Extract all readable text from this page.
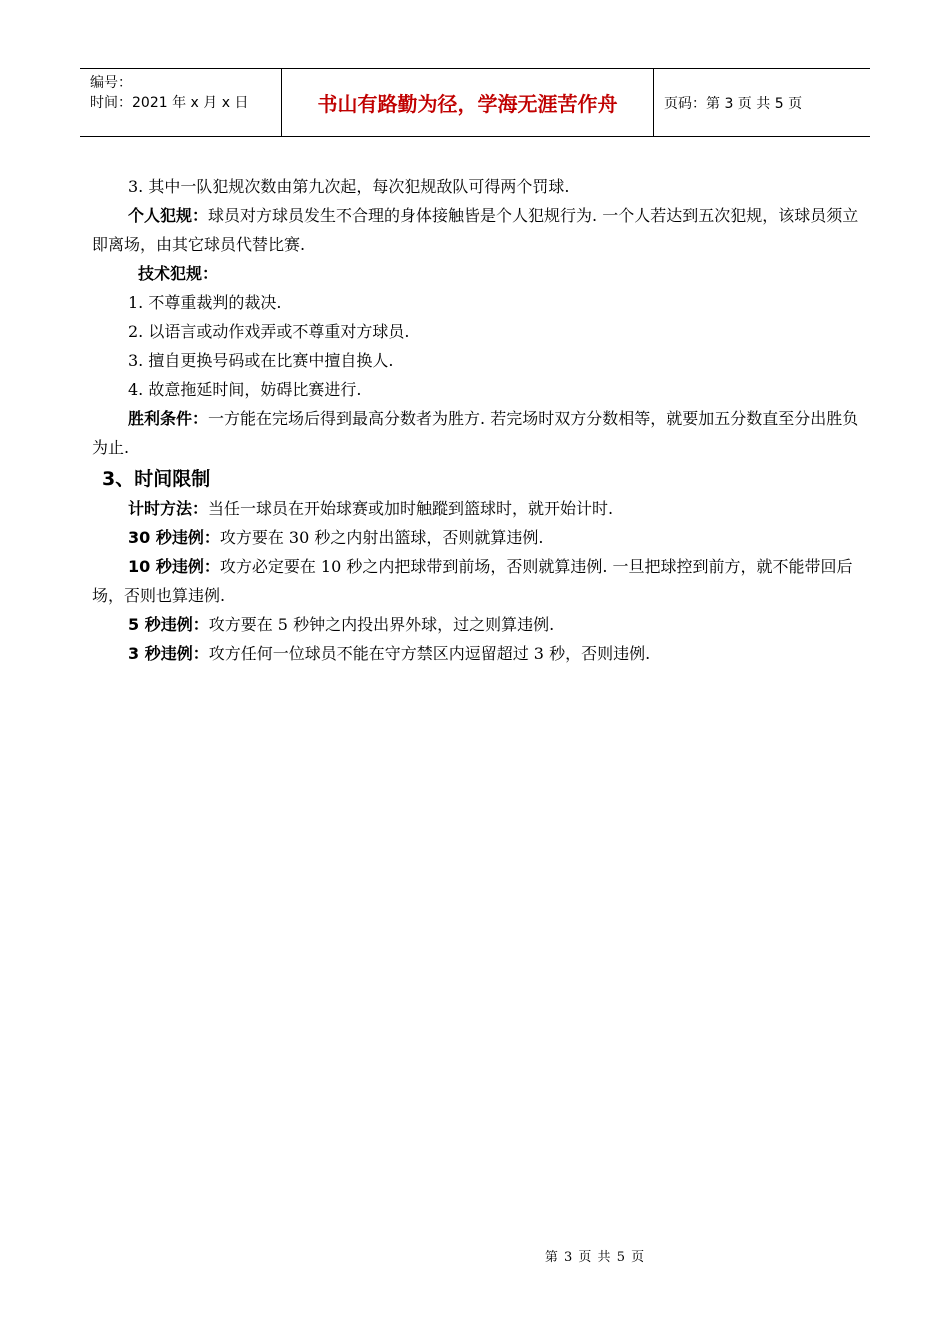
编号：
时间：2021 年 x 月 x 日	书山有路勤为径，学海无涯苦作舟	页码：第 3 页 共 5 页

3. 其中一队犯规次数由第九次起，每次犯规敌队可得两个罚球.

个人犯规：球员对方球员发生不合理的身体接触皆是个人犯规行为. 一个人若达到五次犯规，该球员须立即离场，由其它球员代替比赛.

技术犯规：

1. 不尊重裁判的裁决.

2. 以语言或动作戏弄或不尊重对方球员.

3. 擅自更换号码或在比赛中擅自换人.

4. 故意拖延时间，妨碍比赛进行.

胜利条件：一方能在完场后得到最高分数者为胜方. 若完场时双方分数相等，就要加五分数直至分出胜负为止.

3、时间限制

计时方法：当任一球员在开始球赛或加时触蹤到篮球时，就开始计时.

30 秒违例：攻方要在 30 秒之内射出篮球，否则就算违例.

10 秒违例：攻方必定要在 10 秒之内把球带到前场，否则就算违例. 一旦把球控到前方，就不能带回后场，否则也算违例.

5 秒违例：攻方要在 5 秒钟之内投出界外球，过之则算违例.

3 秒违例：攻方任何一位球员不能在守方禁区内逗留超过 3 秒，否则违例.

第 3 页 共 5 页
